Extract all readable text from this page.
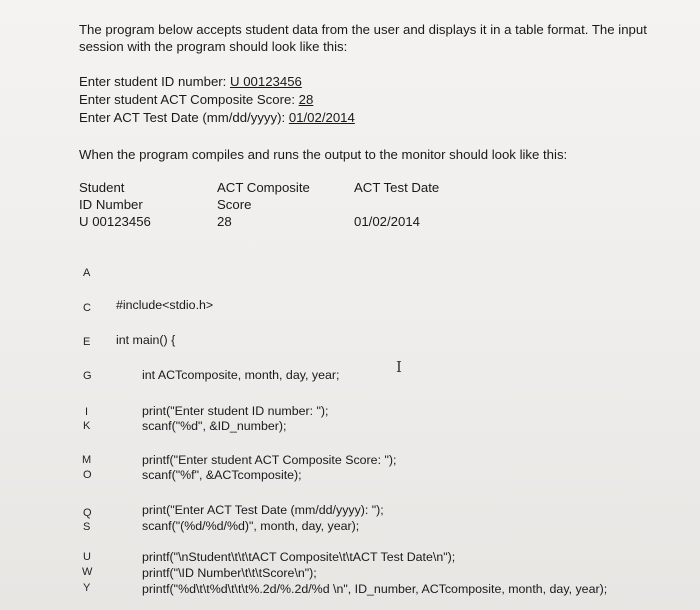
The program below accepts student data from the user and displays it in a table format. The input
session with the program should look like this:
Enter student ID number: U 00123456
Enter student ACT Composite Score: 28
Enter ACT Test Date (mm/dd/yyyy): 01/02/2014
When the program compiles and runs the output to the monitor should look like this:
Student
ID Number
U 00123456
ACT Composite
Score
28
ACT Test Date
01/02/2014
A
C
E
G
I
K
M
O
Q
S
U
W
Y
#include<stdio.h>
int main() {
int ACTcomposite, month, day, year;
print("Enter student ID number: ");
scanf("%d", &ID_number);
printf("Enter student ACT Composite Score: ");
scanf("%f", &ACTcomposite);
print("Enter ACT Test Date (mm/dd/yyyy): ");
scanf("(%d/%d/%d)", month, day, year);
printf("\nStudent\t\t\tACT Composite\t\tACT Test Date\n");
printf("\ID Number\t\t\tScore\n");
printf("%d\t\t%d\t\t\t%.2d/%.2d/%d \n", ID_number, ACTcomposite, month, day, year);
I
